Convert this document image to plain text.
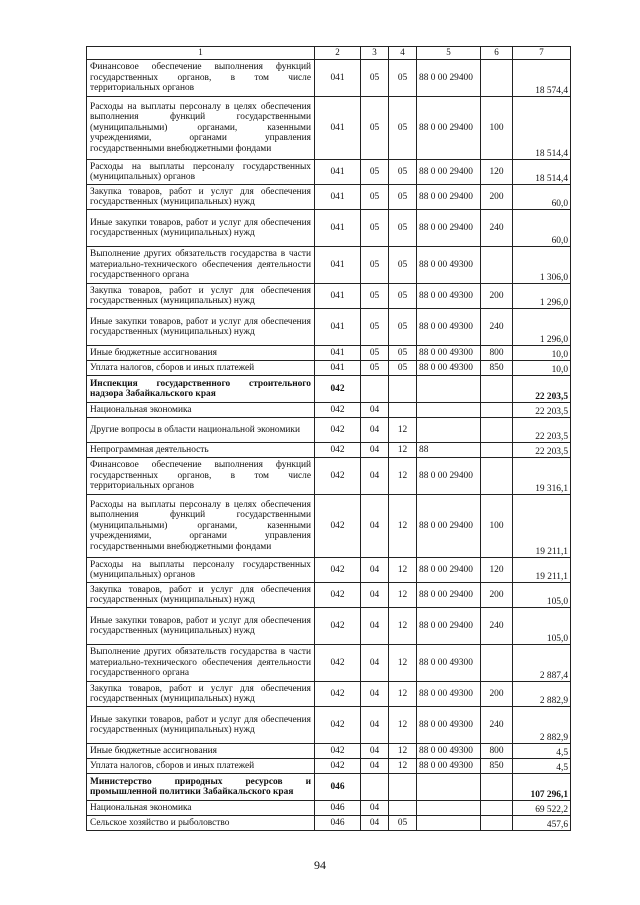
1	2	3	4	5	6	7
Финансовое обеспечение выполнения функций государственных органов, в том числе территориальных органов	041	05	05	88 0 00 29400		18 574,4
Расходы на выплаты персоналу в целях обеспечения выполнения функций государственными (муниципальными) органами, казенными учреждениями, органами управления государственными внебюджетными фондами	041	05	05	88 0 00 29400	100	18 514,4
Расходы на выплаты персоналу государственных (муниципальных) органов	041	05	05	88 0 00 29400	120	18 514,4
Закупка товаров, работ и услуг для обеспечения государственных (муниципальных) нужд	041	05	05	88 0 00 29400	200	60,0
Иные закупки товаров, работ и услуг для обеспечения государственных (муниципальных) нужд	041	05	05	88 0 00 29400	240	60,0
Выполнение других обязательств государства в части материально-технического обеспечения деятельности государственного органа	041	05	05	88 0 00 49300		1 306,0
Закупка товаров, работ и услуг для обеспечения государственных (муниципальных) нужд	041	05	05	88 0 00 49300	200	1 296,0
Иные закупки товаров, работ и услуг для обеспечения государственных (муниципальных) нужд	041	05	05	88 0 00 49300	240	1 296,0
Иные бюджетные ассигнования	041	05	05	88 0 00 49300	800	10,0
Уплата налогов, сборов и иных платежей	041	05	05	88 0 00 49300	850	10,0
Инспекция государственного строительного надзора Забайкальского края	042					22 203,5
Национальная экономика	042	04				22 203,5
Другие вопросы в области национальной экономики	042	04	12			22 203,5
Непрограммная деятельность	042	04	12	88		22 203,5
Финансовое обеспечение выполнения функций государственных органов, в том числе территориальных органов	042	04	12	88 0 00 29400		19 316,1
Расходы на выплаты персоналу в целях обеспечения выполнения функций государственными (муниципальными) органами, казенными учреждениями, органами управления государственными внебюджетными фондами	042	04	12	88 0 00 29400	100	19 211,1
Расходы на выплаты персоналу государственных (муниципальных) органов	042	04	12	88 0 00 29400	120	19 211,1
Закупка товаров, работ и услуг для обеспечения государственных (муниципальных) нужд	042	04	12	88 0 00 29400	200	105,0
Иные закупки товаров, работ и услуг для обеспечения государственных (муниципальных) нужд	042	04	12	88 0 00 29400	240	105,0
Выполнение других обязательств государства в части материально-технического обеспечения деятельности государственного органа	042	04	12	88 0 00 49300		2 887,4
Закупка товаров, работ и услуг для обеспечения государственных (муниципальных) нужд	042	04	12	88 0 00 49300	200	2 882,9
Иные закупки товаров, работ и услуг для обеспечения государственных (муниципальных) нужд	042	04	12	88 0 00 49300	240	2 882,9
Иные бюджетные ассигнования	042	04	12	88 0 00 49300	800	4,5
Уплата налогов, сборов и иных платежей	042	04	12	88 0 00 49300	850	4,5
Министерство природных ресурсов и промышленной политики Забайкальского края	046					107 296,1
Национальная экономика	046	04				69 522,2
Сельское хозяйство и рыболовство	046	04	05			457,6
94
